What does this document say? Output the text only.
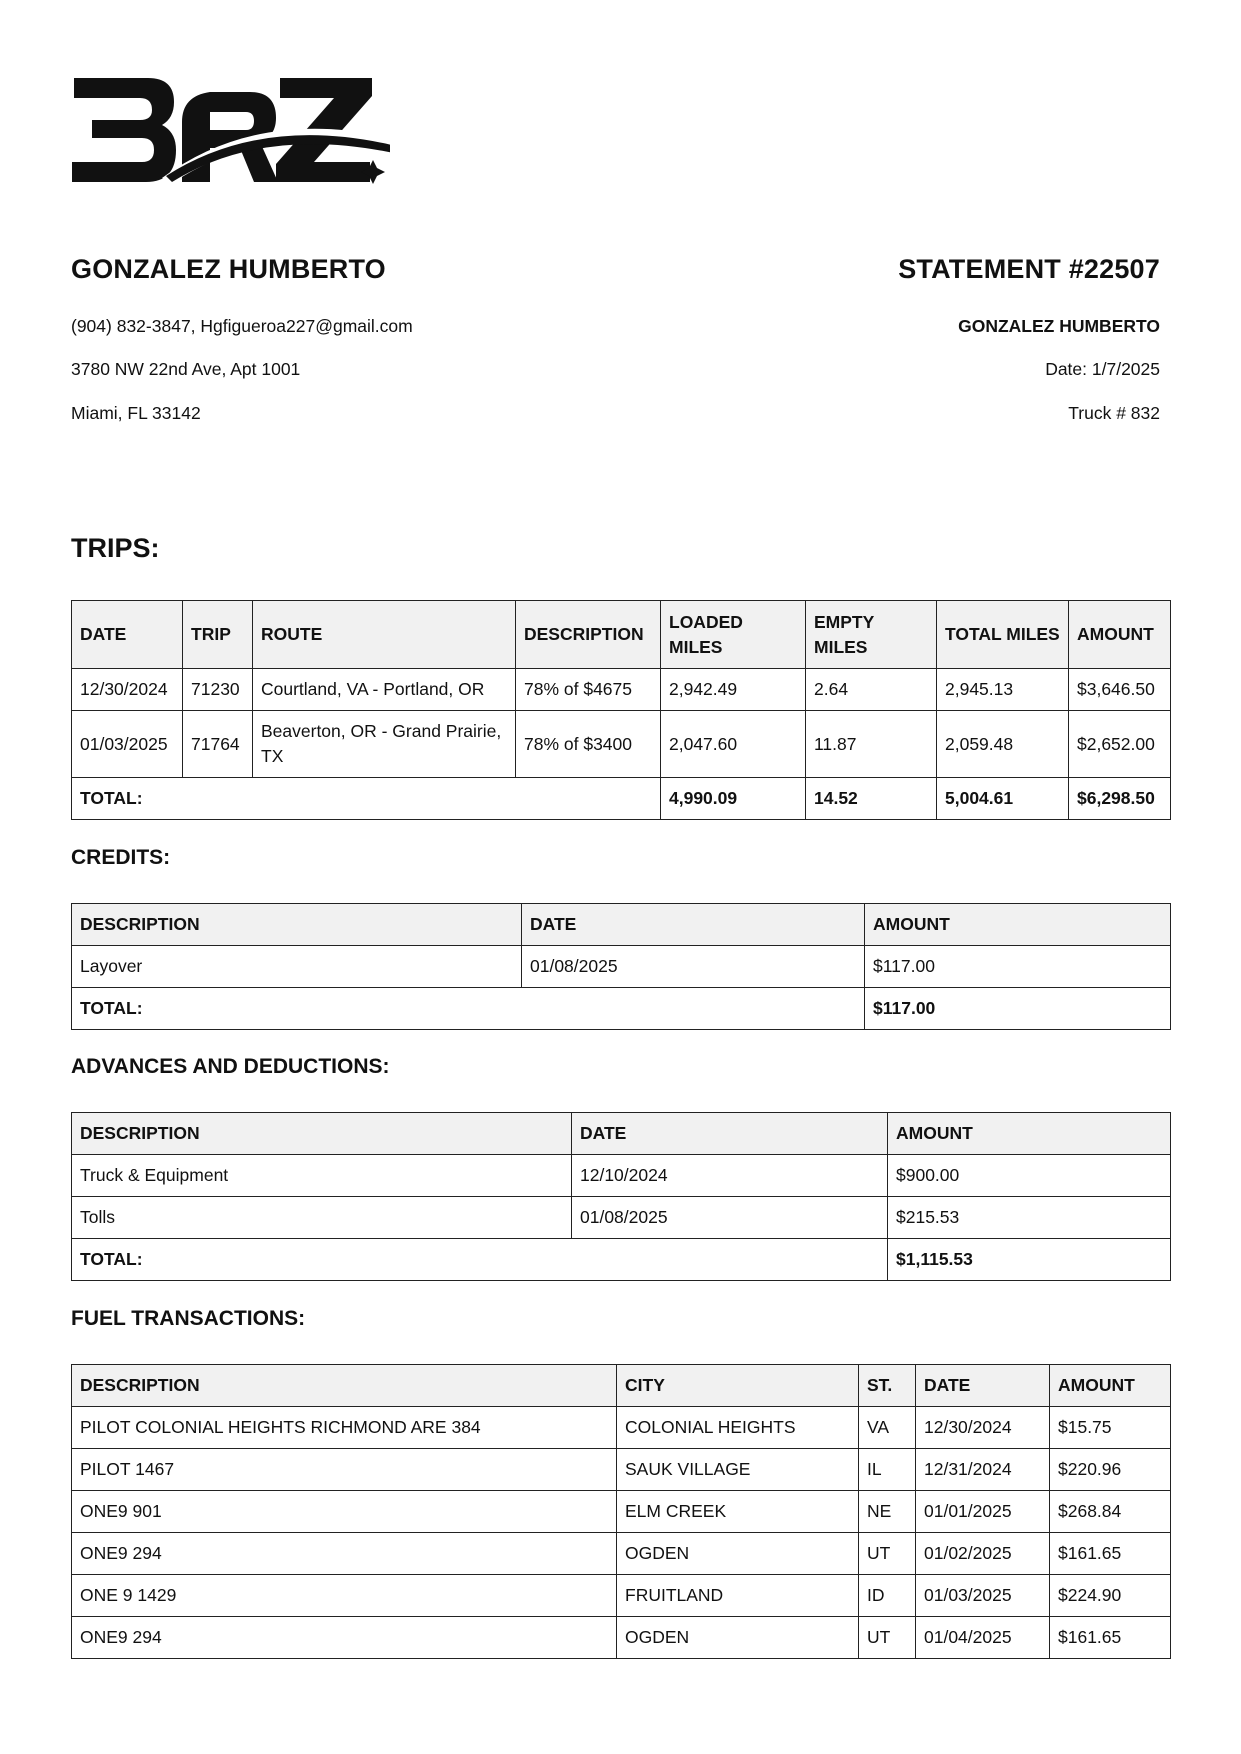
GONZALEZ HUMBERTO
(904) 832-3847, Hgfigueroa227@gmail.com
3780 NW 22nd Ave, Apt 1001
Miami, FL 33142
STATEMENT #22507
GONZALEZ HUMBERTO
Date: 1/7/2025
Truck # 832
TRIPS:
DATE	TRIP	ROUTE	DESCRIPTION	LOADED MILES	EMPTY MILES	TOTAL MILES	AMOUNT
12/30/2024	71230	Courtland, VA - Portland, OR	78% of $4675	2,942.49	2.64	2,945.13	$3,646.50
01/03/2025	71764	Beaverton, OR - Grand Prairie, TX	78% of $3400	2,047.60	11.87	2,059.48	$2,652.00
TOTAL:				4,990.09	14.52	5,004.61	$6,298.50
CREDITS:
DESCRIPTION	DATE	AMOUNT
Layover	01/08/2025	$117.00
TOTAL:		$117.00
ADVANCES AND DEDUCTIONS:
DESCRIPTION	DATE	AMOUNT
Truck & Equipment	12/10/2024	$900.00
Tolls	01/08/2025	$215.53
TOTAL:		$1,115.53
FUEL TRANSACTIONS:
DESCRIPTION	CITY	ST.	DATE	AMOUNT
PILOT COLONIAL HEIGHTS RICHMOND ARE 384	COLONIAL HEIGHTS	VA	12/30/2024	$15.75
PILOT 1467	SAUK VILLAGE	IL	12/31/2024	$220.96
ONE9 901	ELM CREEK	NE	01/01/2025	$268.84
ONE9 294	OGDEN	UT	01/02/2025	$161.65
ONE 9 1429	FRUITLAND	ID	01/03/2025	$224.90
ONE9 294	OGDEN	UT	01/04/2025	$161.65
